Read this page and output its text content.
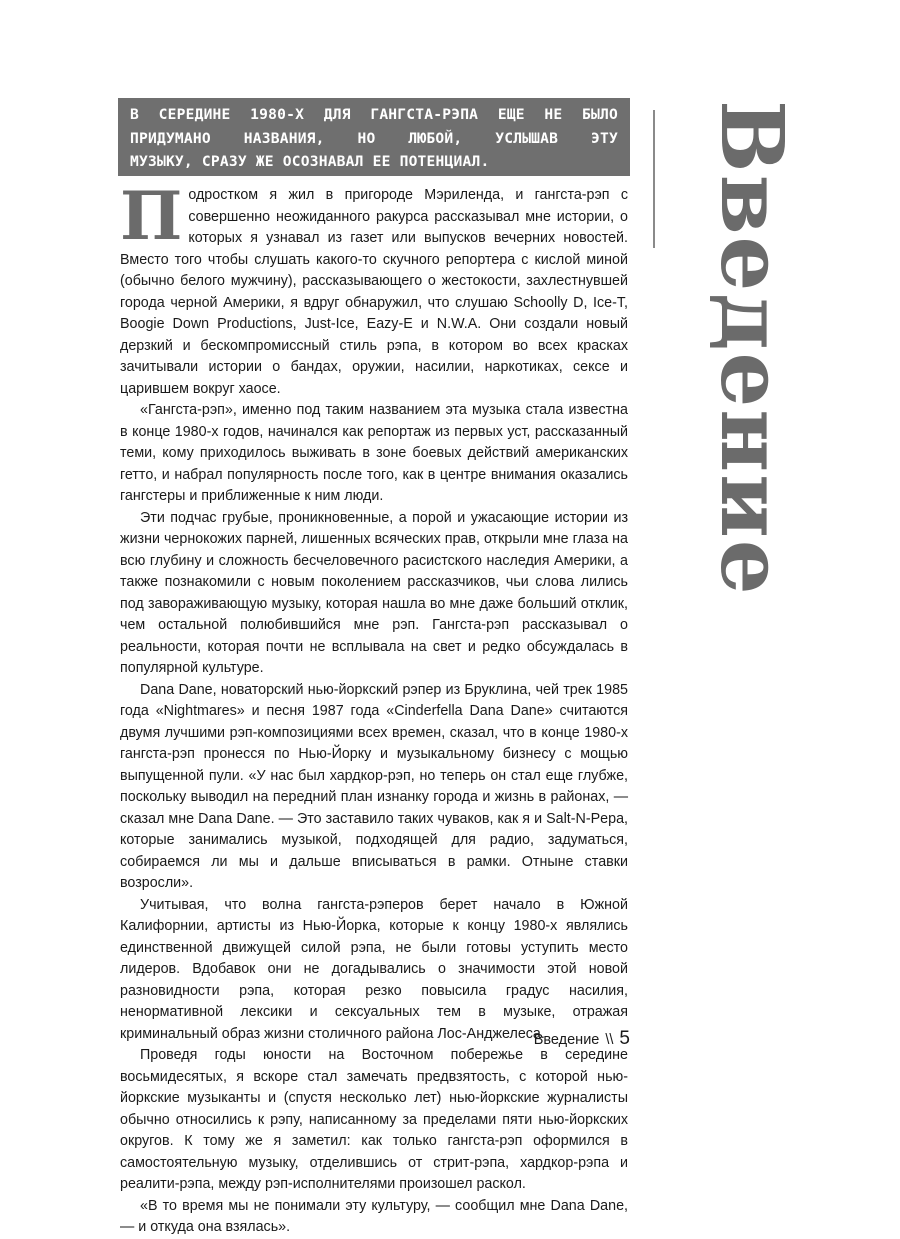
В СЕРЕДИНЕ 1980-Х ДЛЯ ГАНГСТА-РЭПА ЕЩЕ НЕ БЫЛО
ПРИДУМАНО НАЗВАНИЯ, НО ЛЮБОЙ, УСЛЫШАВ ЭТУ
МУЗЫКУ, СРАЗУ ЖЕ ОСОЗНАВАЛ ЕЕ ПОТЕНЦИАЛ.	Введение

Подростком я жил в пригороде Мэриленда, и гангста-рэп с совершенно неожиданного ракурса рассказывал мне истории, о которых я узнавал из газет или выпусков вечерних новостей. Вместо того чтобы слушать какого-то скучного репортера с кислой миной (обычно белого мужчину), рассказывающего о жестокости, захлестнувшей города черной Америки, я вдруг обнаружил, что слушаю Schoolly D, Ice-T, Boogie Down Productions, Just-Ice, Eazy-E и N.W.A. Они создали новый дерзкий и бескомпромиссный стиль рэпа, в котором во всех красках зачитывали истории о бандах, оружии, насилии, наркотиках, сексе и царившем вокруг хаосе.

«Гангста-рэп», именно под таким названием эта музыка стала известна в конце 1980-х годов, начинался как репортаж из первых уст, рассказанный теми, кому приходилось выживать в зоне боевых действий американских гетто, и набрал популярность после того, как в центре внимания оказались гангстеры и приближенные к ним люди.

Эти подчас грубые, проникновенные, а порой и ужасающие истории из жизни чернокожих парней, лишенных всяческих прав, открыли мне глаза на всю глубину и сложность бесчеловечного расистского наследия Америки, а также познакомили с новым поколением рассказчиков, чьи слова лились под завораживающую музыку, которая нашла во мне даже больший отклик, чем остальной полюбившийся мне рэп. Гангста-рэп рассказывал о реальности, которая почти не всплывала на свет и редко обсуждалась в популярной культуре.

Dana Dane, новаторский нью-йоркский рэпер из Бруклина, чей трек 1985 года «Nightmares» и песня 1987 года «Cinderfella Dana Dane» считаются двумя лучшими рэп-композициями всех времен, сказал, что в конце 1980-х гангста-рэп пронесся по Нью-Йорку и музыкальному бизнесу с мощью выпущенной пули. «У нас был хардкор-рэп, но теперь он стал еще глубже, поскольку выводил на передний план изнанку города и жизнь в районах, — сказал мне Dana Dane. — Это заставило таких чуваков, как я и Salt-N-Pepa, которые занимались музыкой, подходящей для радио, задуматься, собираемся ли мы и дальше вписываться в рамки. Отныне ставки возросли».

Учитывая, что волна гангста-рэперов берет начало в Южной Калифорнии, артисты из Нью-Йорка, которые к концу 1980-х являлись единственной движущей силой рэпа, не были готовы уступить место лидеров. Вдобавок они не догадывались о значимости этой новой разновидности рэпа, которая резко повысила градус насилия, ненормативной лексики и сексуальных тем в музыке, отражая криминальный образ жизни столичного района Лос-Анджелеса.

Проведя годы юности на Восточном побережье в середине восьмидесятых, я вскоре стал замечать предвзятость, с которой нью-йоркские музыканты и (спустя несколько лет) нью-йоркские журналисты обычно относились к рэпу, написанному за пределами пяти нью-йоркских округов. К тому же я заметил: как только гангста-рэп оформился в самостоятельную музыку, отделившись от стрит-рэпа, хардкор-рэпа и реалити-рэпа, между рэп-исполнителями произошел раскол.

«В то время мы не понимали эту культуру, — сообщил мне Dana Dane, — и откуда она взялась».

Введение \\ 5
